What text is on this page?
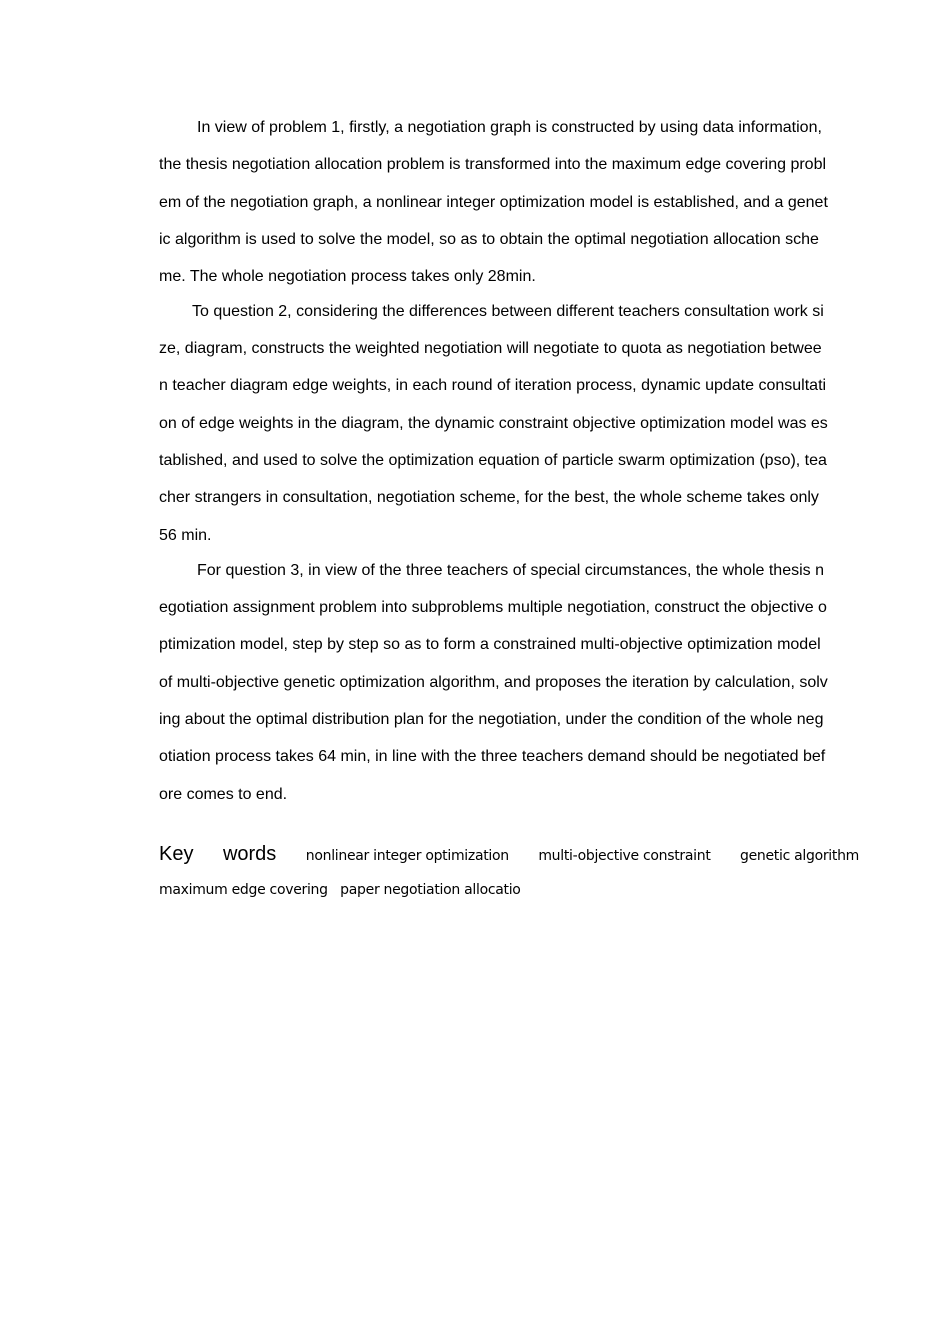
In view of problem 1, firstly, a negotiation graph is constructed by using data information,
the thesis negotiation allocation problem is transformed into the maximum edge covering probl
em of the negotiation graph, a nonlinear integer optimization model is established, and a genet
ic algorithm is used to solve the model, so as to obtain the optimal negotiation allocation sche
me. The whole negotiation process takes only 28min.
To question 2, considering the differences between different teachers consultation work si
ze, diagram, constructs the weighted negotiation will negotiate to quota as negotiation betwee
n teacher diagram edge weights, in each round of iteration process, dynamic update consultati
on of edge weights in the diagram, the dynamic constraint objective optimization model was es
tablished, and used to solve the optimization equation of particle swarm optimization (pso), tea
cher strangers in consultation, negotiation scheme, for the best, the whole scheme takes only
56 min.
For question 3, in view of the three teachers of special circumstances, the whole thesis n
egotiation assignment problem into subproblems multiple negotiation, construct the objective o
ptimization model, step by step so as to form a constrained multi-objective optimization model
of multi-objective genetic optimization algorithm, and proposes the iteration by calculation, solv
ing about the optimal distribution plan for the negotiation, under the condition of the whole neg
otiation process takes 64 min, in line with the three teachers demand should be negotiated bef
ore comes to end.
Key words nonlinear integer optimization multi-objective constraint genetic algorithm
maximum edge covering paper negotiation allocatio
